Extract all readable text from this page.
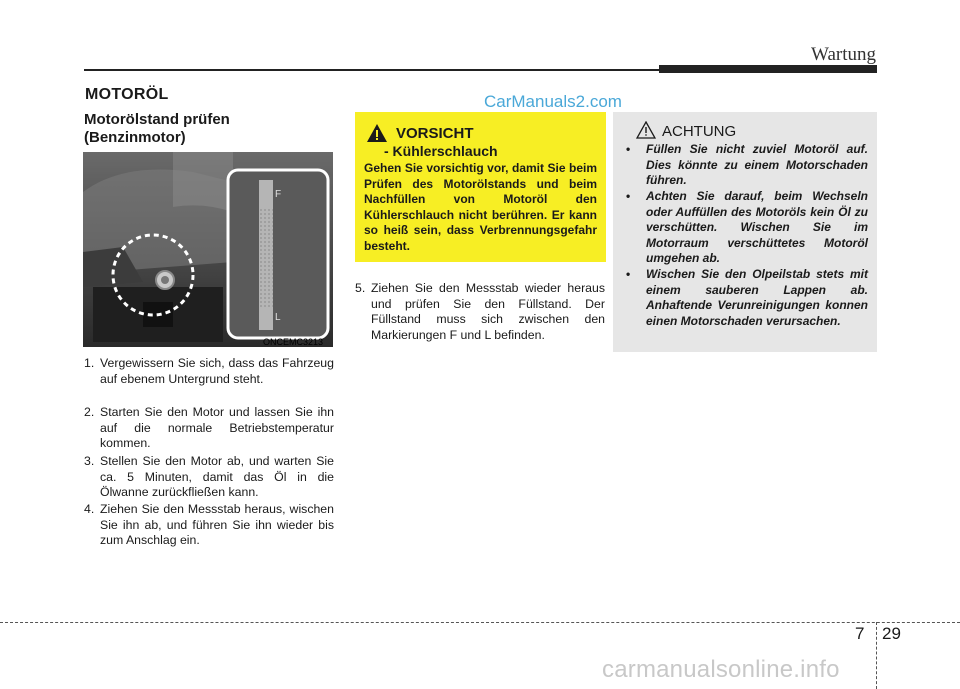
Wartung
MOTORÖL	CarManuals2.com
Motorölstand prüfen
(Benzinmotor)
F
L
ONCEMC3213
1. Vergewissern Sie sich, dass das Fahrzeug auf ebenem Untergrund steht.
2. Starten Sie den Motor und lassen Sie ihn auf die normale Betriebstemperatur kommen.
3. Stellen Sie den Motor ab, und warten Sie ca. 5 Minuten, damit das Öl in die Ölwanne zurückfließen kann.
4. Ziehen Sie den Messstab heraus, wischen Sie ihn ab, und führen Sie ihn wieder bis zum Anschlag ein.
VORSICHT
- Kühlerschlauch
Gehen Sie vorsichtig vor, damit Sie beim Prüfen des Motorölstands und beim Nachfüllen von Motoröl den Kühlerschlauch nicht berühren. Er kann so heiß sein, dass Verbrennungsgefahr besteht.
5. Ziehen Sie den Messstab wieder heraus und prüfen Sie den Füllstand. Der Füllstand muss sich zwischen den Markierungen F und L befinden.
ACHTUNG
•	Füllen Sie nicht zuviel Motoröl auf. Dies könnte zu einem Motorschaden führen.
•	Achten Sie darauf, beim Wechseln oder Auffüllen des Motoröls kein Öl zu verschütten. Wischen Sie im Motorraum verschüttetes Motoröl umgehen ab.
•	Wischen Sie den Olpeilstab stets mit einem sauberen Lappen ab. Anhaftende Verunreinigungen konnen einen Motorschaden verursachen.
7 29
carmanualsonline.info
